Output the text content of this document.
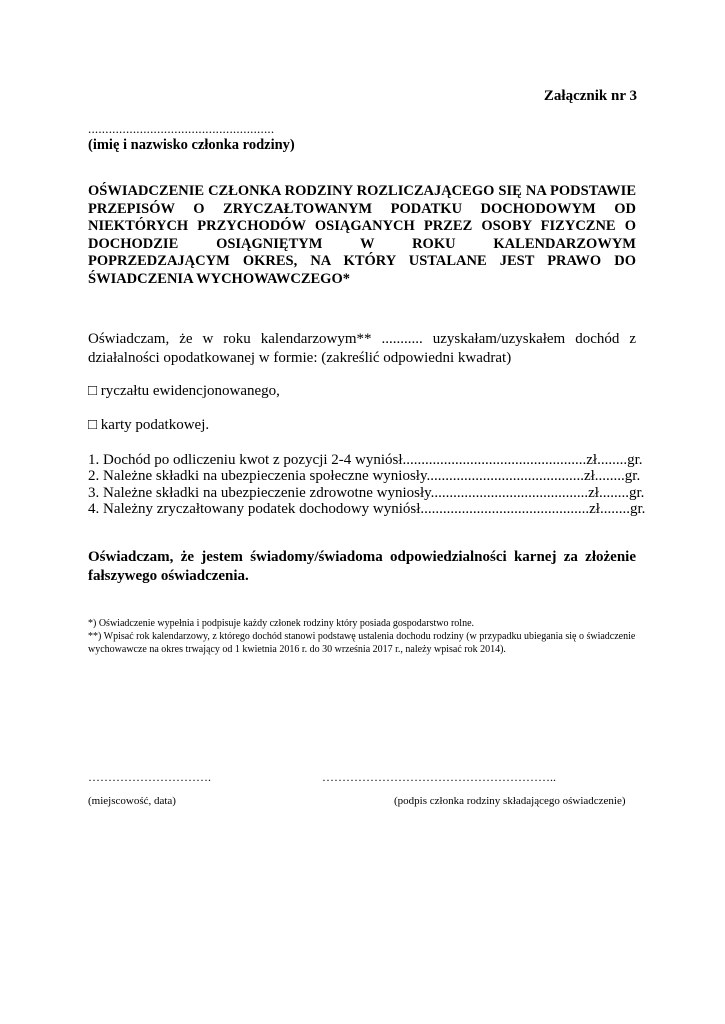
Załącznik nr 3
......................................................
(imię i nazwisko członka rodziny)
OŚWIADCZENIE CZŁONKA RODZINY ROZLICZAJĄCEGO SIĘ NA PODSTAWIE PRZEPISÓW O ZRYCZAŁTOWANYM PODATKU DOCHODOWYM OD NIEKTÓRYCH PRZYCHODÓW OSIĄGANYCH PRZEZ OSOBY FIZYCZNE O DOCHODZIE OSIĄGNIĘTYM W ROKU KALENDARZOWYM POPRZEDZAJĄCYM OKRES, NA KTÓRY USTALANE JEST PRAWO DO ŚWIADCZENIA WYCHOWAWCZEGO*
Oświadczam, że w roku kalendarzowym** ........... uzyskałam/uzyskałem dochód z działalności opodatkowanej w formie: (zakreślić odpowiedni kwadrat)
□ ryczałtu ewidencjonowanego,
□ karty podatkowej.
1. Dochód po odliczeniu kwot z pozycji 2-4 wyniósł.................................................zł........gr.
2. Należne składki na ubezpieczenia społeczne wyniosły..........................................zł........gr.
3. Należne składki na ubezpieczenie zdrowotne wyniosły..........................................zł........gr.
4. Należny zryczałtowany podatek dochodowy wyniósł.............................................zł........gr.
Oświadczam, że jestem świadomy/świadoma odpowiedzialności karnej za złożenie fałszywego oświadczenia.
*) Oświadczenie wypełnia i podpisuje każdy członek rodziny który posiada gospodarstwo rolne.
**) Wpisać rok kalendarzowy, z którego dochód stanowi podstawę ustalenia dochodu rodziny (w przypadku ubiegania się o świadczenie wychowawcze na okres trwający od 1 kwietnia 2016 r. do 30 września 2017 r., należy wpisać rok 2014).
………………………….	…………………………………………………..
(miejscowość, data)	(podpis członka rodziny składającego oświadczenie)
